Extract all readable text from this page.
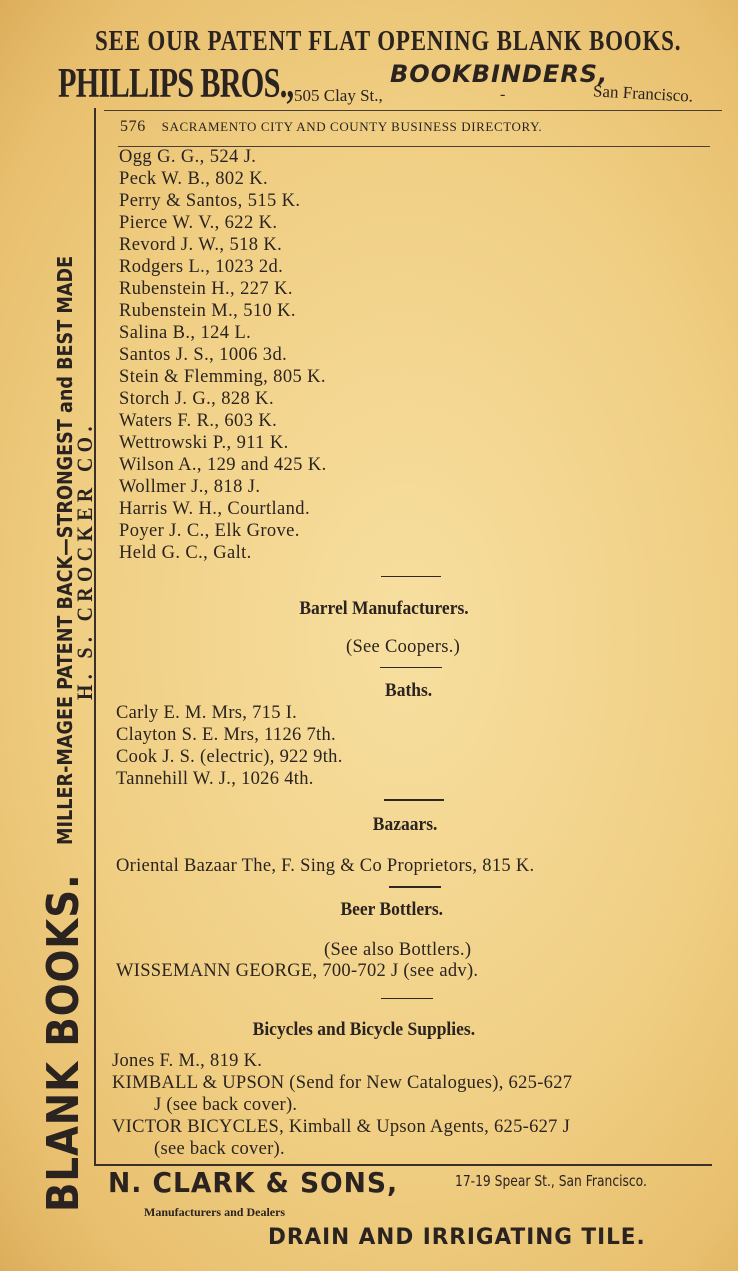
SEE OUR PATENT FLAT OPENING BLANK BOOKS.
PHILLIPS BROS.,	BOOKBINDERS,
505 Clay St.,	-	San Francisco.
BLANK BOOKS.
MILLER-MAGEE PATENT BACK—STRONGEST and BEST MADE
H. S. CROCKER CO.
576 SACRAMENTO CITY AND COUNTY BUSINESS DIRECTORY.
Ogg G. G., 524 J.
Peck W. B., 802 K.
Perry & Santos, 515 K.
Pierce W. V., 622 K.
Revord J. W., 518 K.
Rodgers L., 1023 2d.
Rubenstein H., 227 K.
Rubenstein M., 510 K.
Salina B., 124 L.
Santos J. S., 1006 3d.
Stein & Flemming, 805 K.
Storch J. G., 828 K.
Waters F. R., 603 K.
Wettrowski P., 911 K.
Wilson A., 129 and 425 K.
Wollmer J., 818 J.
Harris W. H., Courtland.
Poyer J. C., Elk Grove.
Held G. C., Galt.
Barrel Manufacturers.
(See Coopers.)
Baths.
Carly E. M. Mrs, 715 I.
Clayton S. E. Mrs, 1126 7th.
Cook J. S. (electric), 922 9th.
Tannehill W. J., 1026 4th.
Bazaars.
Oriental Bazaar The, F. Sing & Co Proprietors, 815 K.
Beer Bottlers.
(See also Bottlers.)
WISSEMANN GEORGE, 700-702 J (see adv).
Bicycles and Bicycle Supplies.
Jones F. M., 819 K.
KIMBALL & UPSON (Send for New Catalogues), 625-627
J (see back cover).
VICTOR BICYCLES, Kimball & Upson Agents, 625-627 J
(see back cover).
N. CLARK & SONS,	17-19 Spear St., San Francisco.
Manufacturers and Dealers
DRAIN AND IRRIGATING TILE.
